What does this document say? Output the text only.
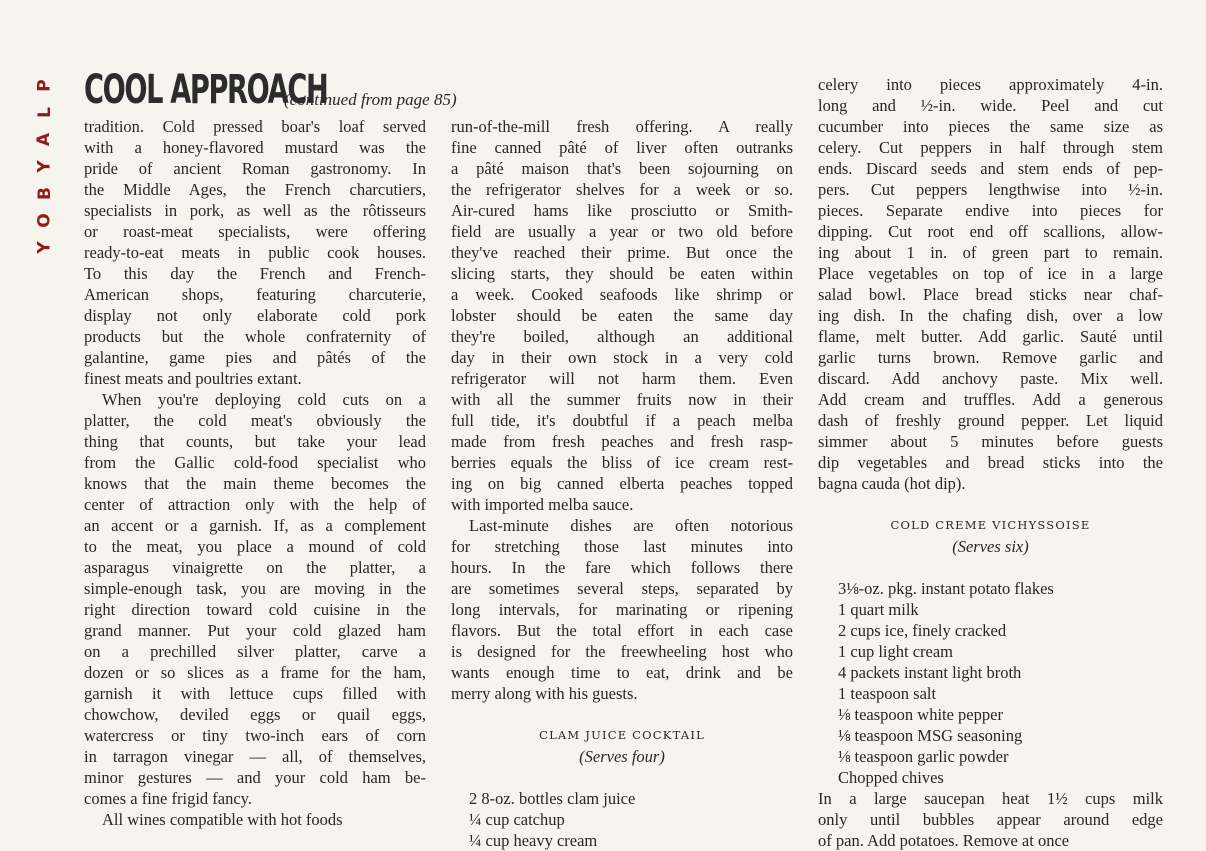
P
L
A
Y
B
O
Y
COOL APPROACH
(continued from page 85)
tradition. Cold pressed boar's loaf served
with a honey-flavored mustard was the
pride of ancient Roman gastronomy. In
the Middle Ages, the French charcutiers,
specialists in pork, as well as the rôtisseurs
or roast-meat specialists, were offering
ready-to-eat meats in public cook houses.
To this day the French and French-
American shops, featuring charcuterie,
display not only elaborate cold pork
products but the whole confraternity of
galantine, game pies and pâtés of the
finest meats and poultries extant.
When you're deploying cold cuts on a
platter, the cold meat's obviously the
thing that counts, but take your lead
from the Gallic cold-food specialist who
knows that the main theme becomes the
center of attraction only with the help of
an accent or a garnish. If, as a complement
to the meat, you place a mound of cold
asparagus vinaigrette on the platter, a
simple-enough task, you are moving in the
right direction toward cold cuisine in the
grand manner. Put your cold glazed ham
on a prechilled silver platter, carve a
dozen or so slices as a frame for the ham,
garnish it with lettuce cups filled with
chowchow, deviled eggs or quail eggs,
watercress or tiny two-inch ears of corn
in tarragon vinegar — all, of themselves,
minor gestures — and your cold ham be-
comes a fine frigid fancy.
All wines compatible with hot foods
run-of-the-mill fresh offering. A really
fine canned pâté of liver often outranks
a pâté maison that's been sojourning on
the refrigerator shelves for a week or so.
Air-cured hams like prosciutto or Smith-
field are usually a year or two old before
they've reached their prime. But once the
slicing starts, they should be eaten within
a week. Cooked seafoods like shrimp or
lobster should be eaten the same day
they're boiled, although an additional
day in their own stock in a very cold
refrigerator will not harm them. Even
with all the summer fruits now in their
full tide, it's doubtful if a peach melba
made from fresh peaches and fresh rasp-
berries equals the bliss of ice cream rest-
ing on big canned elberta peaches topped
with imported melba sauce.
Last-minute dishes are often notorious
for stretching those last minutes into
hours. In the fare which follows there
are sometimes several steps, separated by
long intervals, for marinating or ripening
flavors. But the total effort in each case
is designed for the freewheeling host who
wants enough time to eat, drink and be
merry along with his guests.
CLAM JUICE COCKTAIL
(Serves four)
2 8-oz. bottles clam juice
¼ cup catchup
¼ cup heavy cream
celery into pieces approximately 4-in.
long and ½-in. wide. Peel and cut
cucumber into pieces the same size as
celery. Cut peppers in half through stem
ends. Discard seeds and stem ends of pep-
pers. Cut peppers lengthwise into ½-in.
pieces. Separate endive into pieces for
dipping. Cut root end off scallions, allow-
ing about 1 in. of green part to remain.
Place vegetables on top of ice in a large
salad bowl. Place bread sticks near chaf-
ing dish. In the chafing dish, over a low
flame, melt butter. Add garlic. Sauté until
garlic turns brown. Remove garlic and
discard. Add anchovy paste. Mix well.
Add cream and truffles. Add a generous
dash of freshly ground pepper. Let liquid
simmer about 5 minutes before guests
dip vegetables and bread sticks into the
bagna cauda (hot dip).
COLD CREME VICHYSSOISE
(Serves six)
3⅛-oz. pkg. instant potato flakes
1 quart milk
2 cups ice, finely cracked
1 cup light cream
4 packets instant light broth
1 teaspoon salt
⅛ teaspoon white pepper
⅛ teaspoon MSG seasoning
⅛ teaspoon garlic powder
Chopped chives
In a large saucepan heat 1½ cups milk
only until bubbles appear around edge
of pan. Add potatoes. Remove at once
